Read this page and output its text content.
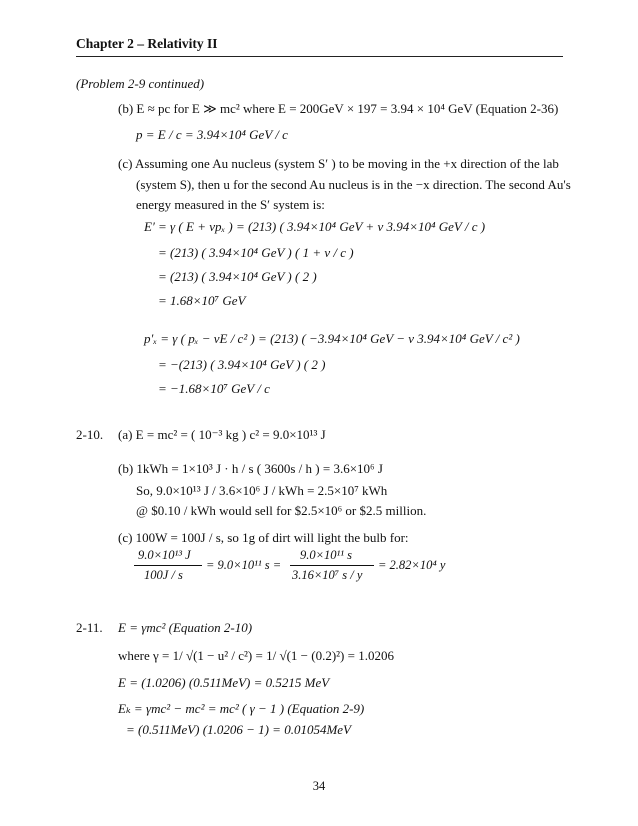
Chapter 2 – Relativity II
(Problem 2-9 continued)
(b) E ≈ pc for E ≫ mc² where E = 200GeV × 197 = 3.94 × 10⁴ GeV (Equation 2-36)
p = E / c = 3.94×10⁴ GeV / c
(c) Assuming one Au nucleus (system S′ ) to be moving in the +x direction of the lab
(system S), then u for the second Au nucleus is in the −x direction. The second Au's
energy measured in the S′ system is:
E′ = γ ( E + vpₓ ) = (213) ( 3.94×10⁴ GeV + v 3.94×10⁴ GeV / c )
= (213) ( 3.94×10⁴ GeV ) ( 1 + v / c )
= (213) ( 3.94×10⁴ GeV ) ( 2 )
= 1.68×10⁷ GeV
p′ₓ = γ ( pₓ − vE / c² ) = (213) ( −3.94×10⁴ GeV − v 3.94×10⁴ GeV / c² )
= −(213) ( 3.94×10⁴ GeV ) ( 2 )
= −1.68×10⁷ GeV / c
2-10. (a) E = mc² = ( 10⁻³ kg ) c² = 9.0×10¹³ J
(b) 1kWh = 1×10³ J · h / s ( 3600s / h ) = 3.6×10⁶ J
So, 9.0×10¹³ J / 3.6×10⁶ J / kWh = 2.5×10⁷ kWh
@ $0.10 / kWh would sell for $2.5×10⁶ or $2.5 million.
(c) 100W = 100J / s, so 1g of dirt will light the bulb for:
9.0×10¹³ J
100J / s
= 9.0×10¹¹ s =
9.0×10¹¹ s
3.16×10⁷ s / y
= 2.82×10⁴ y
2-11. E = γmc² (Equation 2-10)
where γ = 1/ √(1 − u² / c²) = 1/ √(1 − (0.2)²) = 1.0206
E = (1.0206) (0.511MeV) = 0.5215 MeV
Eₖ = γmc² − mc² = mc² ( γ − 1 ) (Equation 2-9)
= (0.511MeV) (1.0206 − 1) = 0.01054MeV
34
